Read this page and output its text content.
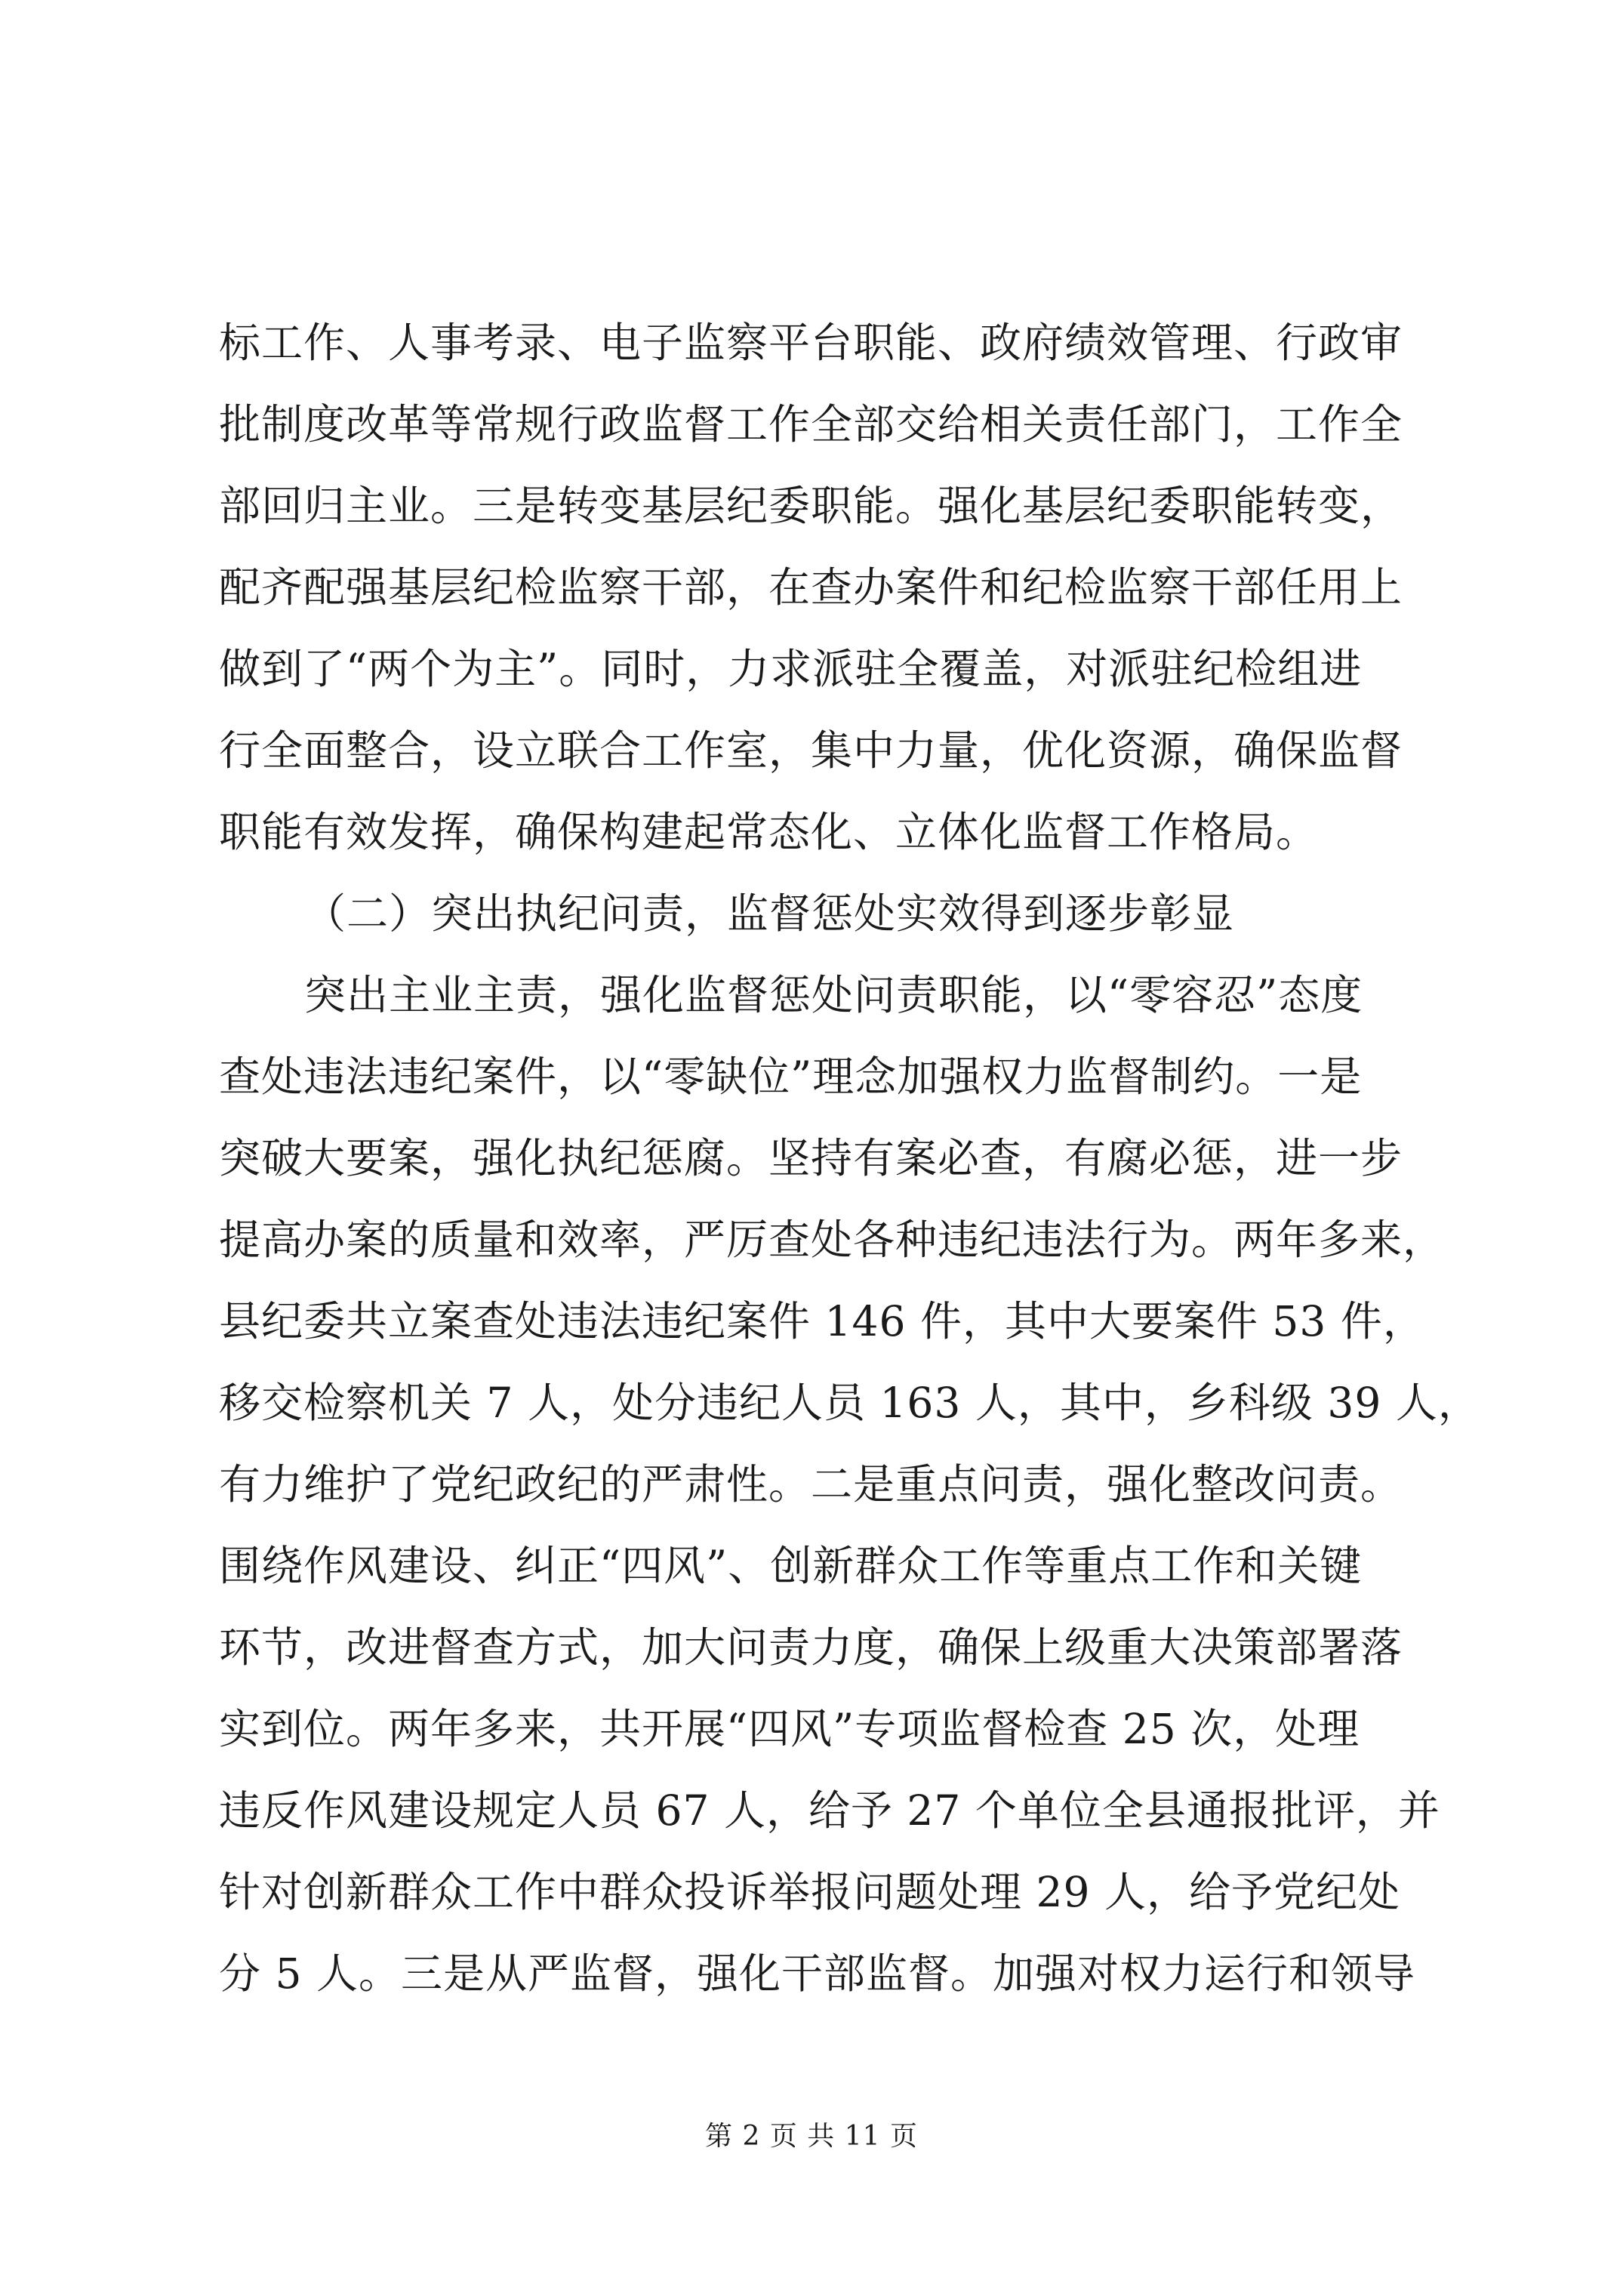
标工作、人事考录、电子监察平台职能、政府绩效管理、行政审
批制度改革等常规行政监督工作全部交给相关责任部门，工作全
部回归主业。三是转变基层纪委职能。强化基层纪委职能转变，
配齐配强基层纪检监察干部，在查办案件和纪检监察干部任用上
做到了“两个为主”。同时，力求派驻全覆盖，对派驻纪检组进
行全面整合，设立联合工作室，集中力量，优化资源，确保监督
职能有效发挥，确保构建起常态化、立体化监督工作格局。
（二）突出执纪问责，监督惩处实效得到逐步彰显
突出主业主责，强化监督惩处问责职能，以“零容忍”态度
查处违法违纪案件，以“零缺位”理念加强权力监督制约。一是
突破大要案，强化执纪惩腐。坚持有案必查，有腐必惩，进一步
提高办案的质量和效率，严厉查处各种违纪违法行为。两年多来，
县纪委共立案查处违法违纪案件 146 件，其中大要案件 53 件，
移交检察机关 7 人，处分违纪人员 163 人，其中，乡科级 39 人，
有力维护了党纪政纪的严肃性。二是重点问责，强化整改问责。
围绕作风建设、纠正“四风”、创新群众工作等重点工作和关键
环节，改进督查方式，加大问责力度，确保上级重大决策部署落
实到位。两年多来，共开展“四风”专项监督检查 25 次，处理
违反作风建设规定人员 67 人，给予 27 个单位全县通报批评，并
针对创新群众工作中群众投诉举报问题处理 29 人，给予党纪处
分 5 人。三是从严监督，强化干部监督。加强对权力运行和领导
第 2 页 共 11 页
